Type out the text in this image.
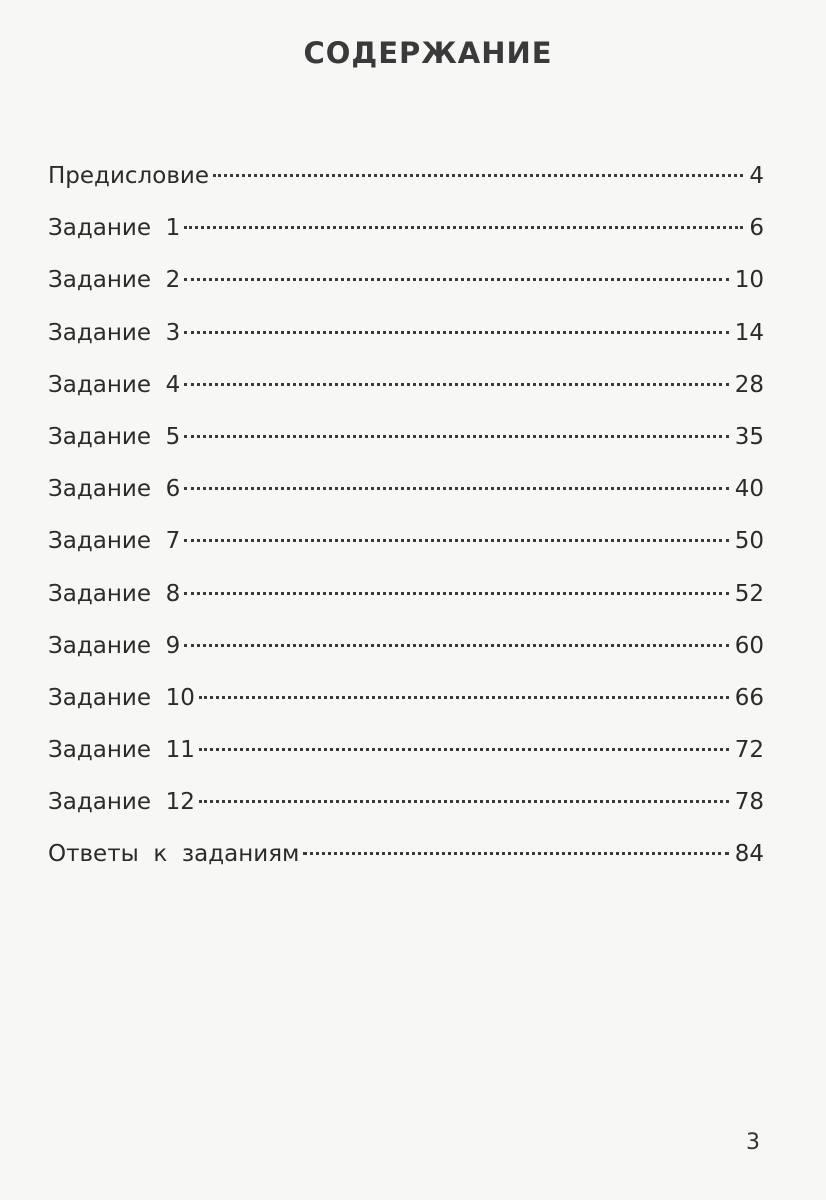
СОДЕРЖАНИЕ
Предисловие	4
Задание  1	6
Задание  2	10
Задание  3	14
Задание  4	28
Задание  5	35
Задание  6	40
Задание  7	50
Задание  8	52
Задание  9	60
Задание  10	66
Задание  11	72
Задание  12	78
Ответы  к  заданиям	84
3
